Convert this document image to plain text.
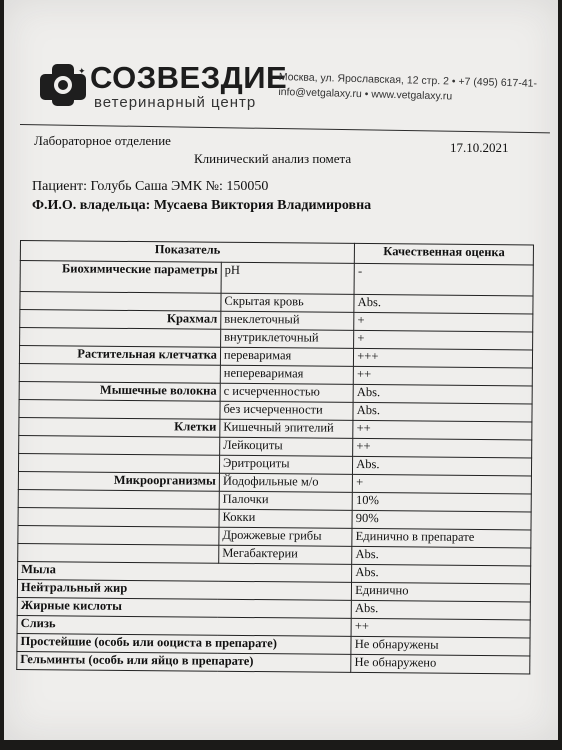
✦ СОЗВЕЗДИЕ
ветеринарный центр
Москва, ул. Ярославская, 12 стр. 2 • +7 (495) 617-41-
info@vetgalaxy.ru • www.vetgalaxy.ru
Лабораторное отделение	17.10.2021
Клинический анализ помета
Пациент: Голубь Саша ЭМК №: 150050
Ф.И.О. владельца: Мусаева Виктория Владимировна
Показатель		Качественная оценка
Биохимические параметры	pH	-
	Скрытая кровь	Abs.
Крахмал	внеклеточный	+
	внутриклеточный	+
Растительная клетчатка	переваримая	+++
	непереваримая	++
Мышечные волокна	с исчерченностью	Abs.
	без исчерченности	Abs.
Клетки	Кишечный эпителий	++
	Лейкоциты	++
	Эритроциты	Abs.
Микроорганизмы	Йодофильные м/о	+
	Палочки	10%
	Кокки	90%
	Дрожжевые грибы	Единично в препарате
	Мегабактерии	Abs.
Мыла		Abs.
Нейтральный жир		Единично
Жирные кислоты		Abs.
Слизь		++
Простейшие (особь или ооциста в препарате)		Не обнаружены
Гельминты (особь или яйцо в препарате)		Не обнаружено
